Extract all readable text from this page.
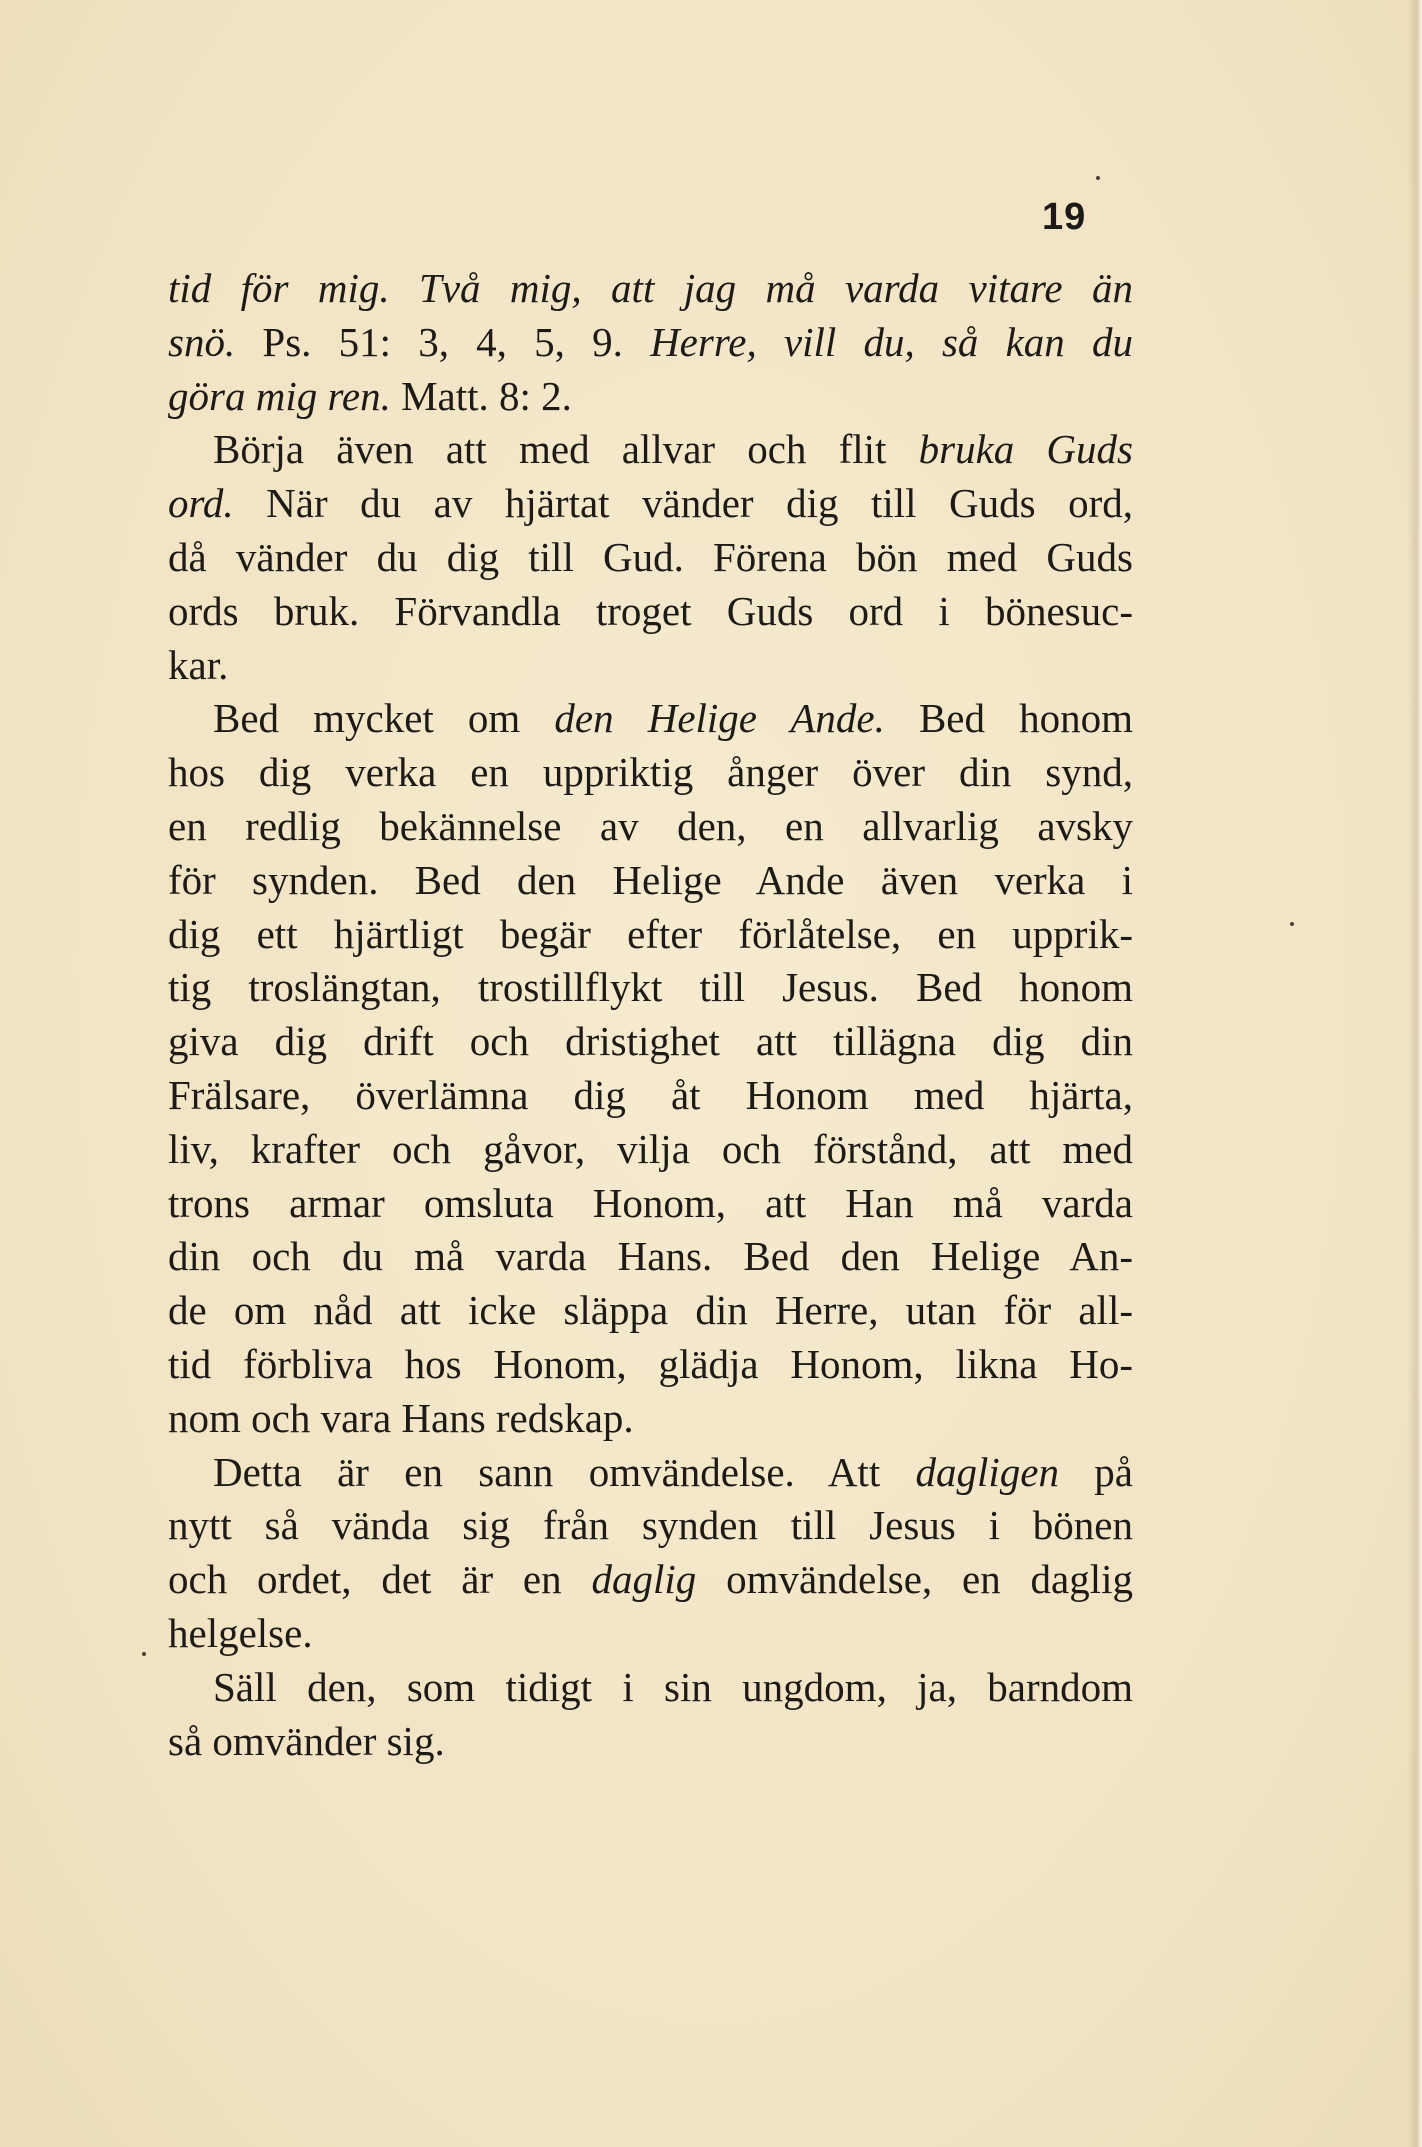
19
tid för mig. Två mig, att jag må varda vitare än
snö. Ps. 51: 3, 4, 5, 9. Herre, vill du, så kan du
göra mig ren. Matt. 8: 2.
Börja även att med allvar och flit bruka Guds
ord. När du av hjärtat vänder dig till Guds ord,
då vänder du dig till Gud. Förena bön med Guds
ords bruk. Förvandla troget Guds ord i bönesuc-
kar.
Bed mycket om den Helige Ande. Bed honom
hos dig verka en uppriktig ånger över din synd,
en redlig bekännelse av den, en allvarlig avsky
för synden. Bed den Helige Ande även verka i
dig ett hjärtligt begär efter förlåtelse, en upprik-
tig troslängtan, trostillflykt till Jesus. Bed honom
giva dig drift och dristighet att tillägna dig din
Frälsare, överlämna dig åt Honom med hjärta,
liv, krafter och gåvor, vilja och förstånd, att med
trons armar omsluta Honom, att Han må varda
din och du må varda Hans. Bed den Helige An-
de om nåd att icke släppa din Herre, utan för all-
tid förbliva hos Honom, glädja Honom, likna Ho-
nom och vara Hans redskap.
Detta är en sann omvändelse. Att dagligen på
nytt så vända sig från synden till Jesus i bönen
och ordet, det är en daglig omvändelse, en daglig
helgelse.
Säll den, som tidigt i sin ungdom, ja, barndom
så omvänder sig.
